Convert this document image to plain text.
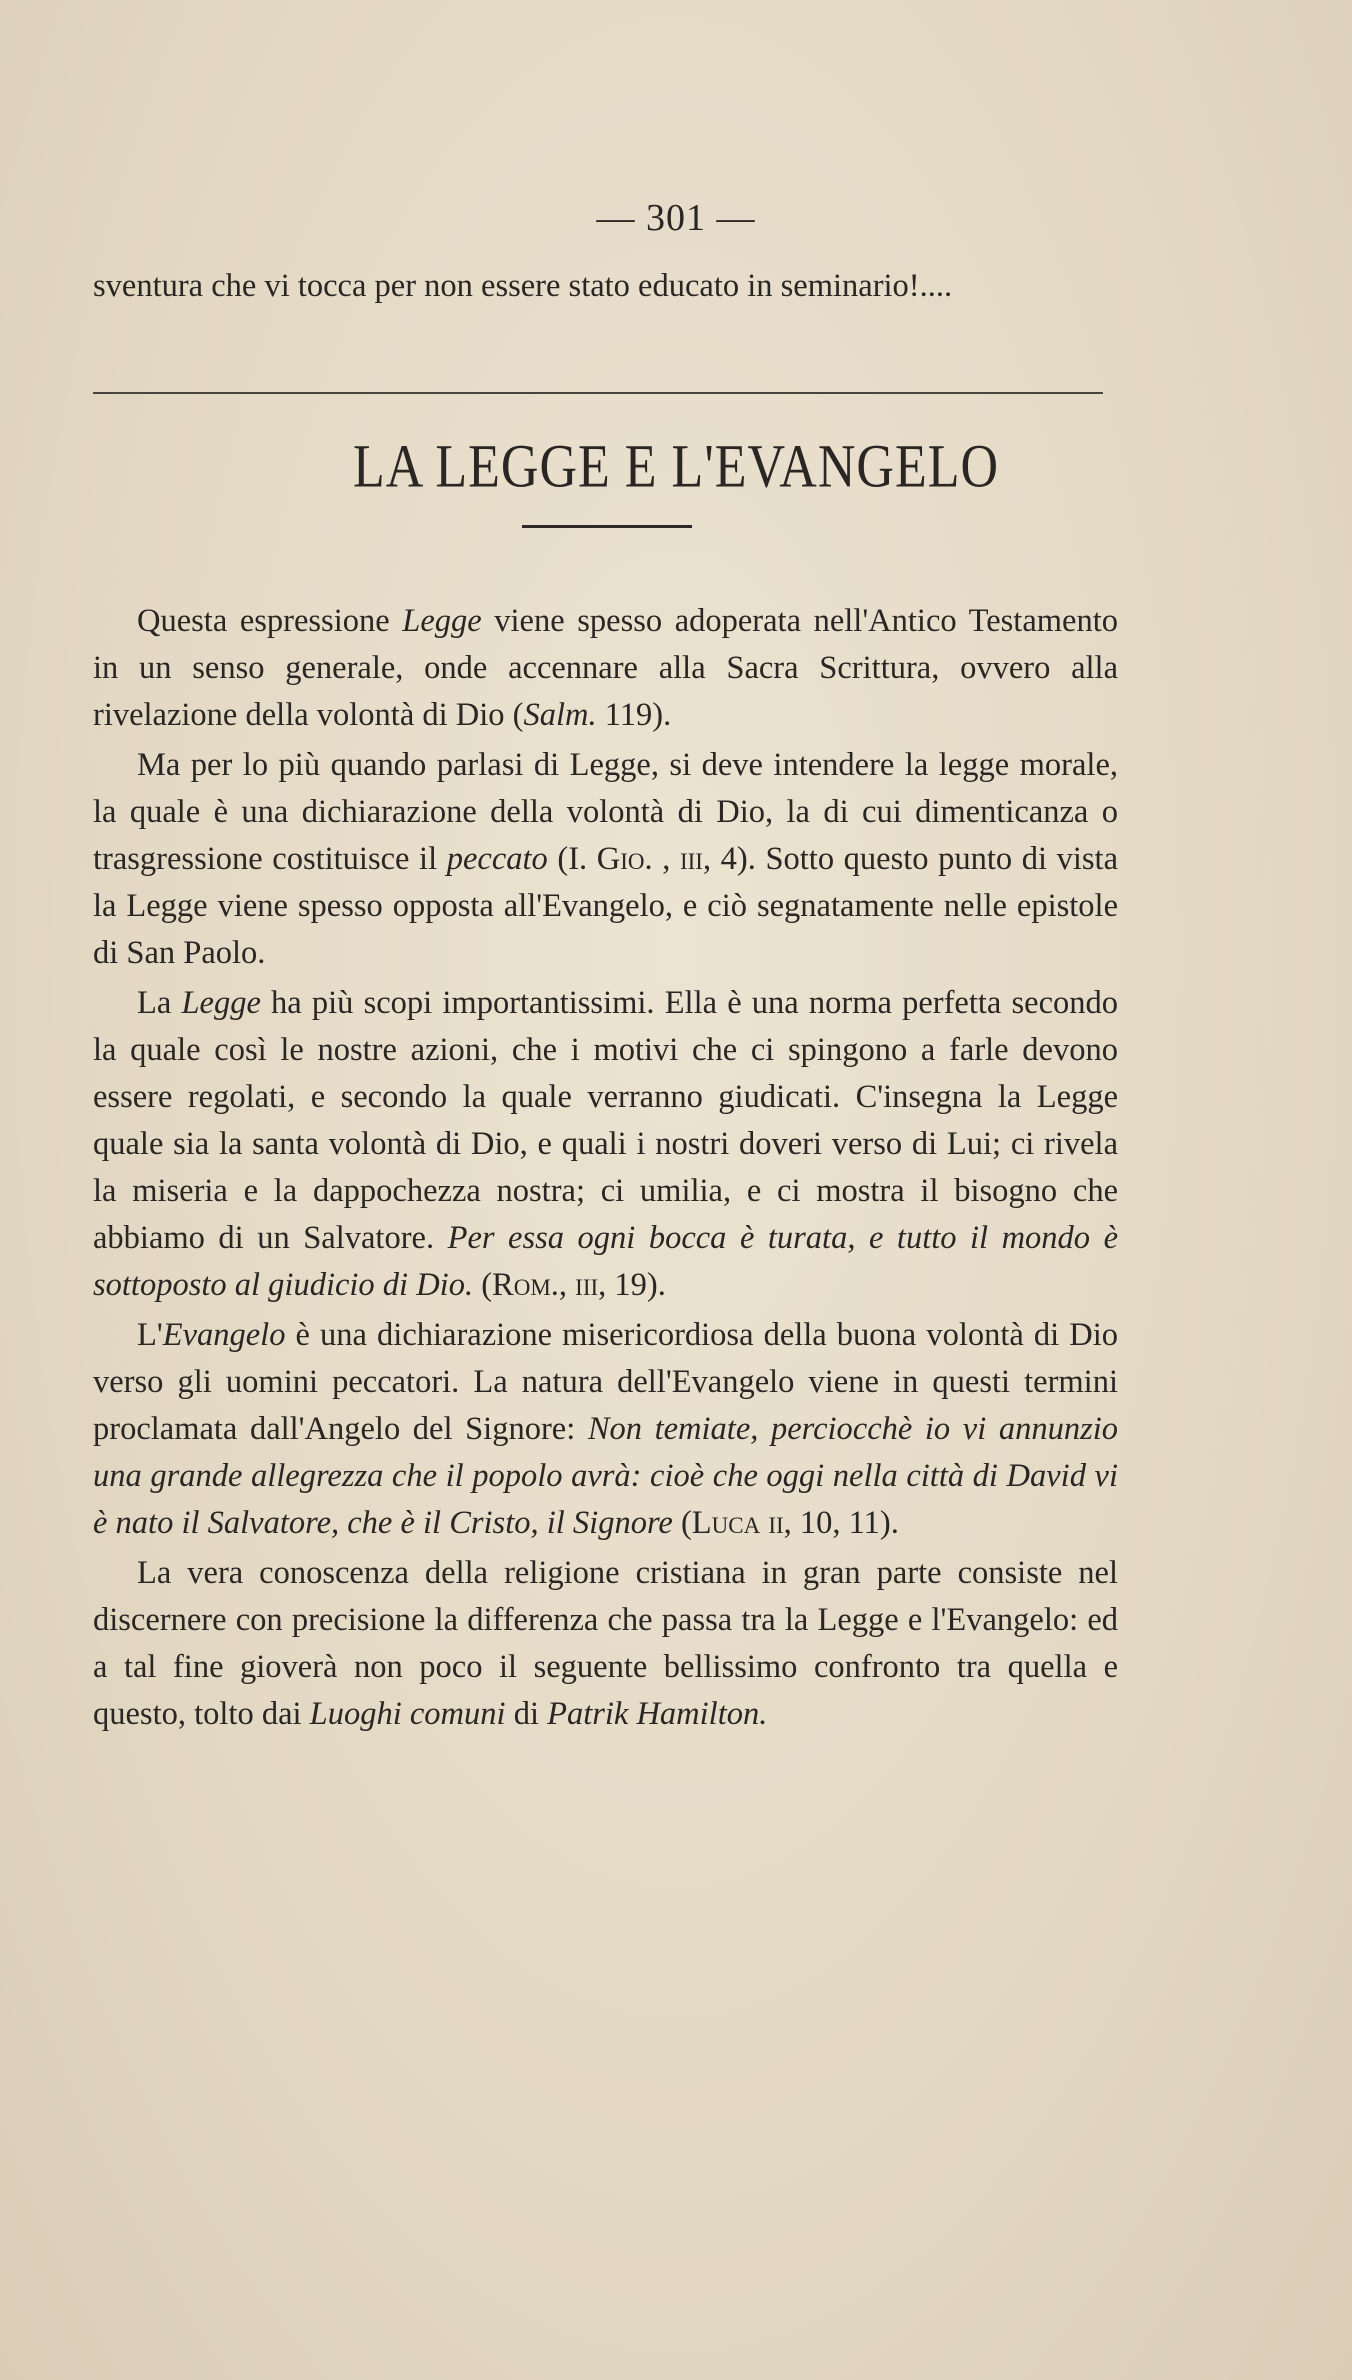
— 301 —
sventura che vi tocca per non essere stato educato in seminario!....
LA LEGGE E L'EVANGELO

Questa espressione Legge viene spesso adoperata nell'Antico Testamento in un senso generale, onde accennare alla Sacra Scrittura, ovvero alla rivelazione della volontà di Dio (Salm. 119).

Ma per lo più quando parlasi di Legge, si deve intendere la legge morale, la quale è una dichiarazione della volontà di Dio, la di cui dimenticanza o trasgressione costituisce il peccato (I. Gio. , iii, 4). Sotto questo punto di vista la Legge viene spesso opposta all'Evangelo, e ciò segnatamente nelle epistole di San Paolo.

La Legge ha più scopi importantissimi. Ella è una norma perfetta secondo la quale così le nostre azioni, che i motivi che ci spingono a farle devono essere regolati, e secondo la quale verranno giudicati. C'insegna la Legge quale sia la santa volontà di Dio, e quali i nostri doveri verso di Lui; ci rivela la miseria e la dappochezza nostra; ci umilia, e ci mostra il bisogno che abbiamo di un Salvatore. Per essa ogni bocca è turata, e tutto il mondo è sottoposto al giudicio di Dio. (Rom., iii, 19).

L'Evangelo è una dichiarazione misericordiosa della buona volontà di Dio verso gli uomini peccatori. La natura dell'Evangelo viene in questi termini proclamata dall'Angelo del Signore: Non temiate, perciocchè io vi annunzio una grande allegrezza che il popolo avrà: cioè che oggi nella città di David vi è nato il Salvatore, che è il Cristo, il Signore (Luca ii, 10, 11).

La vera conoscenza della religione cristiana in gran parte consiste nel discernere con precisione la differenza che passa tra la Legge e l'Evangelo: ed a tal fine gioverà non poco il seguente bellissimo confronto tra quella e questo, tolto dai Luoghi comuni di Patrik Hamilton.
